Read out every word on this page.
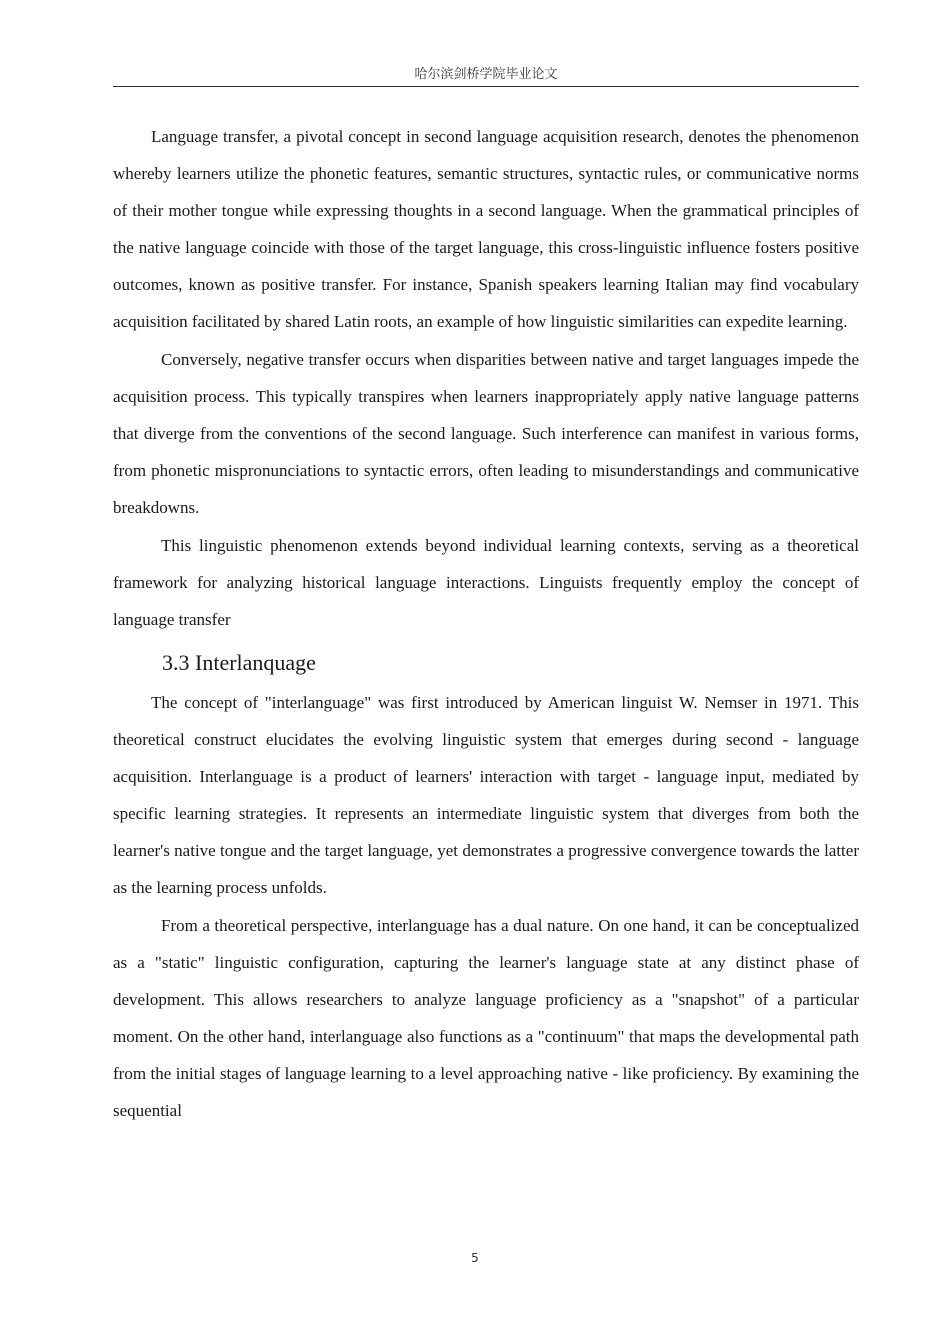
哈尔滨剑桥学院毕业论文

Language transfer, a pivotal concept in second language acquisition research, denotes the phenomenon whereby learners utilize the phonetic features, semantic structures, syntactic rules, or communicative norms of their mother tongue while expressing thoughts in a second language. When the grammatical principles of the native language coincide with those of the target language, this cross-linguistic influence fosters positive outcomes, known as positive transfer. For instance, Spanish speakers learning Italian may find vocabulary acquisition facilitated by shared Latin roots, an example of how linguistic similarities can expedite learning.

Conversely, negative transfer occurs when disparities between native and target languages impede the acquisition process. This typically transpires when learners inappropriately apply native language patterns that diverge from the conventions of the second language. Such interference can manifest in various forms, from phonetic mispronunciations to syntactic errors, often leading to misunderstandings and communicative breakdowns.

This linguistic phenomenon extends beyond individual learning contexts, serving as a theoretical framework for analyzing historical language interactions. Linguists frequently employ the concept of language transfer

3.3 Interlanquage

The concept of "interlanguage" was first introduced by American linguist W. Nemser in 1971. This theoretical construct elucidates the evolving linguistic system that emerges during second - language acquisition. Interlanguage is a product of learners' interaction with target - language input, mediated by specific learning strategies. It represents an intermediate linguistic system that diverges from both the learner's native tongue and the target language, yet demonstrates a progressive convergence towards the latter as the learning process unfolds.

From a theoretical perspective, interlanguage has a dual nature. On one hand, it can be conceptualized as a "static" linguistic configuration, capturing the learner's language state at any distinct phase of development. This allows researchers to analyze language proficiency as a "snapshot" of a particular moment. On the other hand, interlanguage also functions as a "continuum" that maps the developmental path from the initial stages of language learning to a level approaching native - like proficiency. By examining the sequential

5
